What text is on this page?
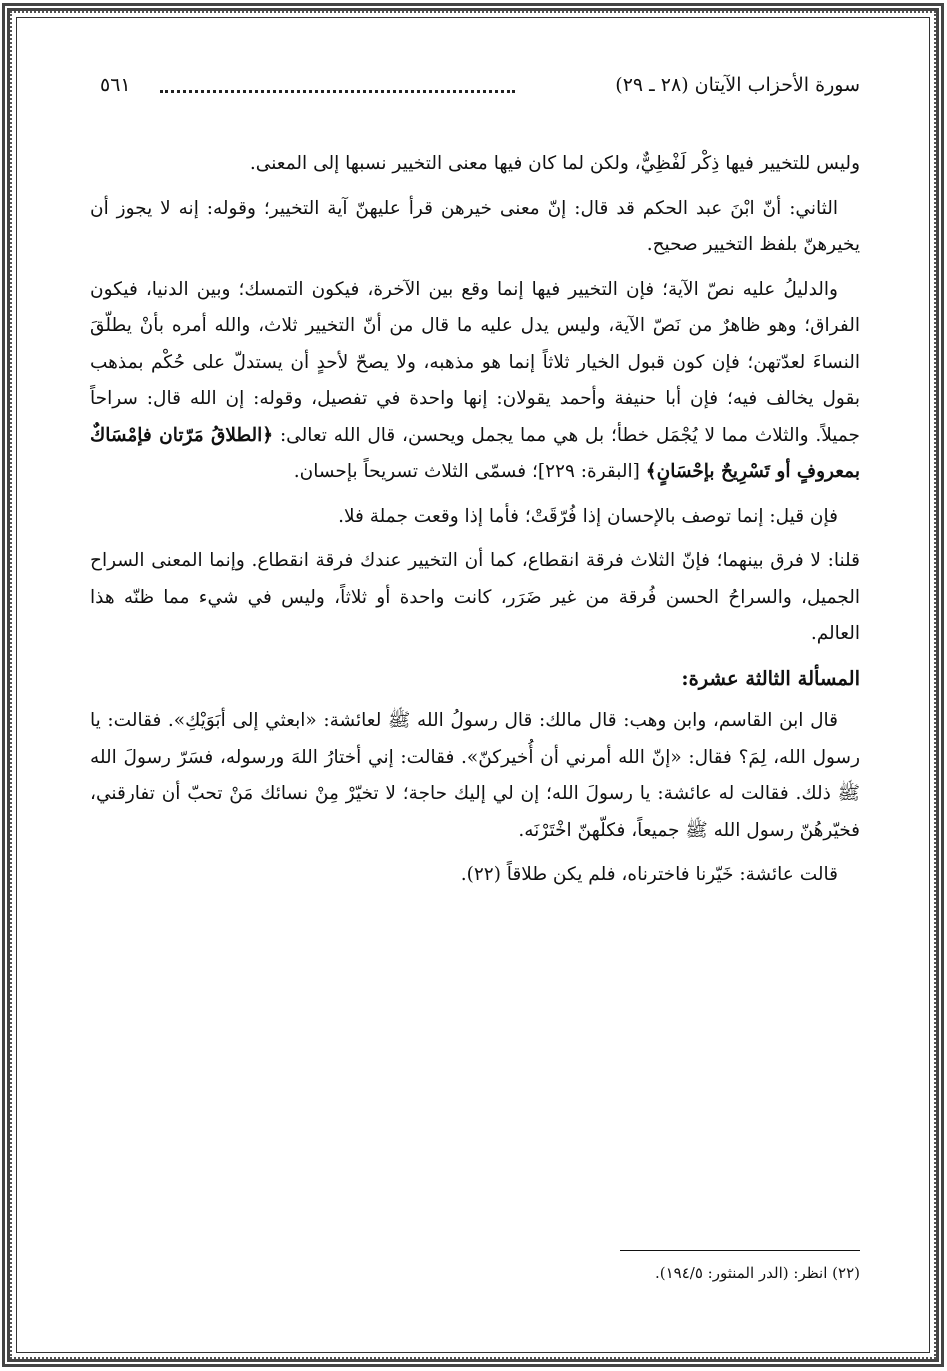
سورة الأحزاب الآيتان (٢٨ ـ ٢٩)
٥٦١

وليس للتخيير فيها ذِكْر لَفْظِيٌّ، ولكن لما كان فيها معنى التخيير نسبها إلى المعنى.

الثاني: أنّ ابْنَ عبد الحكم قد قال: إنّ معنى خيرهن قرأ عليهنّ آية التخيير؛ وقوله: إنه لا يجوز أن يخيرهنّ بلفظ التخيير صحيح.

والدليلُ عليه نصّ الآية؛ فإن التخيير فيها إنما وقع بين الآخرة، فيكون التمسك؛ وبين الدنيا، فيكون الفراق؛ وهو ظاهرٌ من نَصّ الآية، وليس يدل عليه ما قال من أنّ التخيير ثلاث، والله أمره بأنْ يطلّقَ النساءَ لعدّتهن؛ فإن كون قبول الخيار ثلاثاً إنما هو مذهبه، ولا يصحّ لأحدٍ أن يستدلّ على حُكْم بمذهب بقول يخالف فيه؛ فإن أبا حنيفة وأحمد يقولان: إنها واحدة في تفصيل، وقوله: إن الله قال: سراحاً جميلاً. والثلاث مما لا يُجْمَل خطأ؛ بل هي مما يجمل ويحسن، قال الله تعالى: ﴿الطلاقُ مَرّتان فإمْسَاكٌ بمعروفٍ أو تَسْرِيحٌ بإحْسَانٍ﴾ [البقرة: ٢٢٩]؛ فسمّى الثلاث تسريحاً بإحسان.

فإن قيل: إنما توصف بالإحسان إذا فُرّقَتْ؛ فأما إذا وقعت جملة فلا.

قلنا: لا فرق بينهما؛ فإنّ الثلاث فرقة انقطاع، كما أن التخيير عندك فرقة انقطاع. وإنما المعنى السراح الجميل، والسراحُ الحسن فُرقة من غير ضَرَر، كانت واحدة أو ثلاثاً، وليس في شيء مما ظنّه هذا العالم.

المسألة الثالثة عشرة:

قال ابن القاسم، وابن وهب: قال مالك: قال رسولُ الله ﷺ لعائشة: «ابعثي إلى أبَوَيْكِ». فقالت: يا رسول الله، لِمَ؟ فقال: «إنّ الله أمرني أن أُخيركنّ». فقالت: إني أختارُ اللهَ ورسوله، فسَرّ رسولَ الله ﷺ ذلك. فقالت له عائشة: يا رسولَ الله؛ إن لي إليك حاجة؛ لا تخيّرْ مِنْ نسائك مَنْ تحبّ أن تفارقني، فخيّرهُنّ رسول الله ﷺ جميعاً، فكلّهنّ اخْتَرْنَه.

قالت عائشة: خَيّرنا فاخترناه، فلم يكن طلاقاً (٢٢).

(٢٢) انظر: (الدر المنثور: ١٩٤/٥).
